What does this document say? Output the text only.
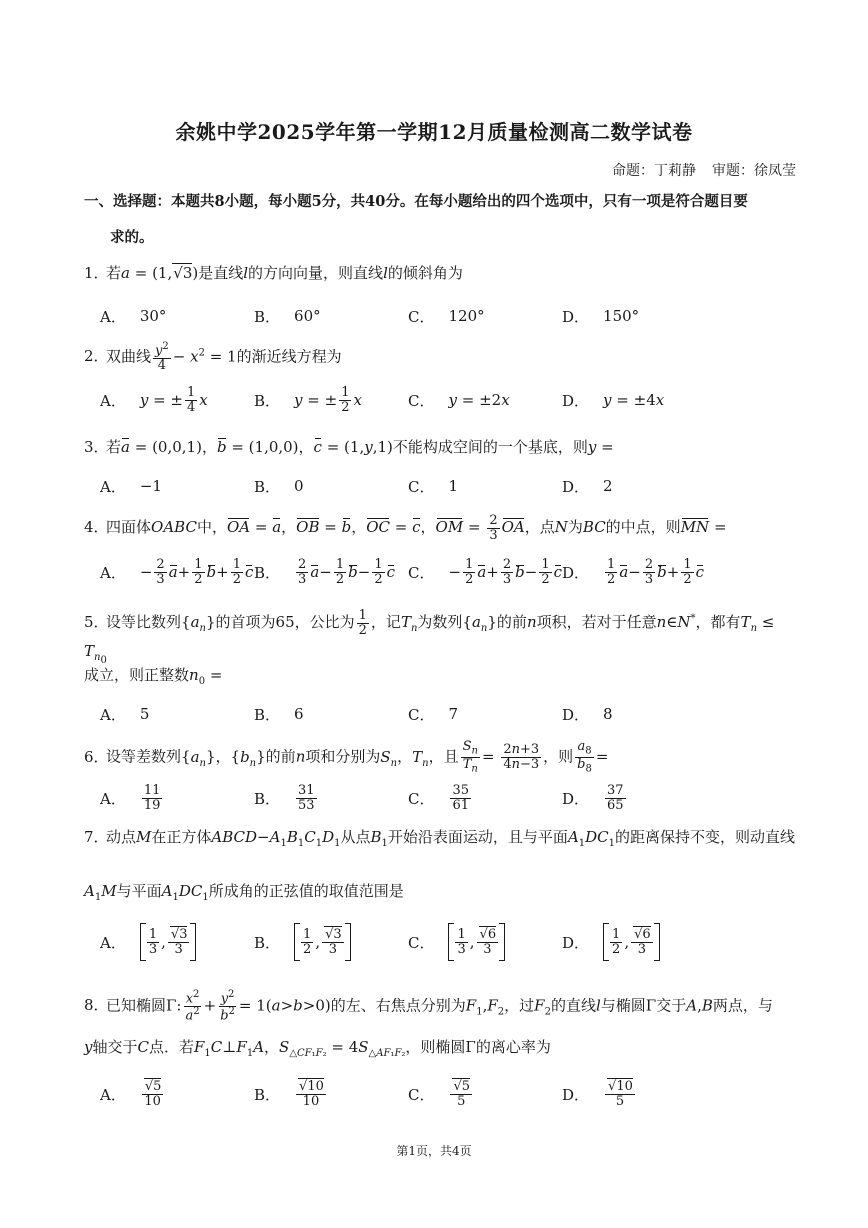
余姚中学2025学年第一学期12月质量检测高二数学试卷
命题：丁莉静 审题：徐凤莹
一、选择题：本题共8小题，每小题5分，共40分。在每小题给出的四个选项中，只有一项是符合题目要
求的。
1．若a = (1, √ 3)是直线l的方向向量，则直线l的倾斜角为
A． 30°	B． 60°	C． 120°	D． 150°
2．双曲线 $\frac{y^2}{4} - x^2 = 1$的渐近线方程为
A． y = ± $\frac{1}{4}$ x	B． y = ± $\frac{1}{2}$ x	C． y = ±2 x	D． y = ±4 x
3．若a = (0,0,1)，b = (1,0,0)，c = (1,y,1)不能构成空间的一个基底，则y =
A． −1	B． 0	C． 1	D． 2
4．四面体OABC中，OA = a，OB = b，OC = c，OM = $\frac{2}{3}$ OA，点N为BC的中点，则MN =
A． − $\frac{2}{3}$ $a + \frac{1}{2}$ $b + \frac{1}{2}$ c B． $\frac{2}{3}$ $a - \frac{1}{2}$ $b - \frac{1}{2}$ c C． − $\frac{1}{2}$ $a + \frac{2}{3}$ $b - \frac{1}{2}$ c D． $\frac{1}{2}$ $a - \frac{2}{3}$ $b + \frac{1}{2}$ c
5．设等比数列$\{a_n\}$的首项为65，公比为 $\frac{1}{2}$ ，记$T_n$为数列$\{a_n\}$的前n项积，若对于任意n∈N*，都有$T_n \le T_{n_0}$
成立，则正整数$n_0$ =
A． 5	B． 6	C． 7	D． 8
6．设等差数列$\{a_n\}$，$\{b_n\}$的前n项和分别为$S_n$，$T_n$，且 $\frac{S_n}{T_n} = \frac{2n+3}{4n-3}$ ，则 $\frac{a_8}{b_8}$ =
A． $\frac{11}{19}$	B． $\frac{31}{53}$	C． $\frac{35}{61}$	D． $\frac{37}{65}$
7．动点M在正方体$ABCD-A_1B_1C_1D_1$从点$B_1$开始沿表面运动，且与平面$A_1DC_1$的距离保持不变，则动直线
$A_1M$与平面$A_1DC_1$所成角的正弦值的取值范围是
A． $\frac{1}{3}$ , √ $\frac{3}{3}$	B． $\frac{1}{2}$ , √ $\frac{3}{3}$	C． $\frac{1}{3}$ , √ $\frac{6}{3}$	D． $\frac{1}{2}$ , √ $\frac{6}{3}$
8．已知椭圆Γ: $\frac{x^2}{a^2} + \frac{y^2}{b^2} = 1(a>b>0)$的左、右焦点分别为$F_1,F_2$，过$F_2$的直线l与椭圆Γ交于A,B两点，与
y轴交于C点．若$F_1C\perp F_1A$，$S_{\triangle CF_1F_2} = 4S_{\triangle AF_1F_2}$，则椭圆Γ的离心率为
A． √ $\frac{5}{10}$	B． √ $\frac{10}{10}$	C． √ $\frac{5}{5}$	D． √ $\frac{10}{5}$
第1页，共4页
